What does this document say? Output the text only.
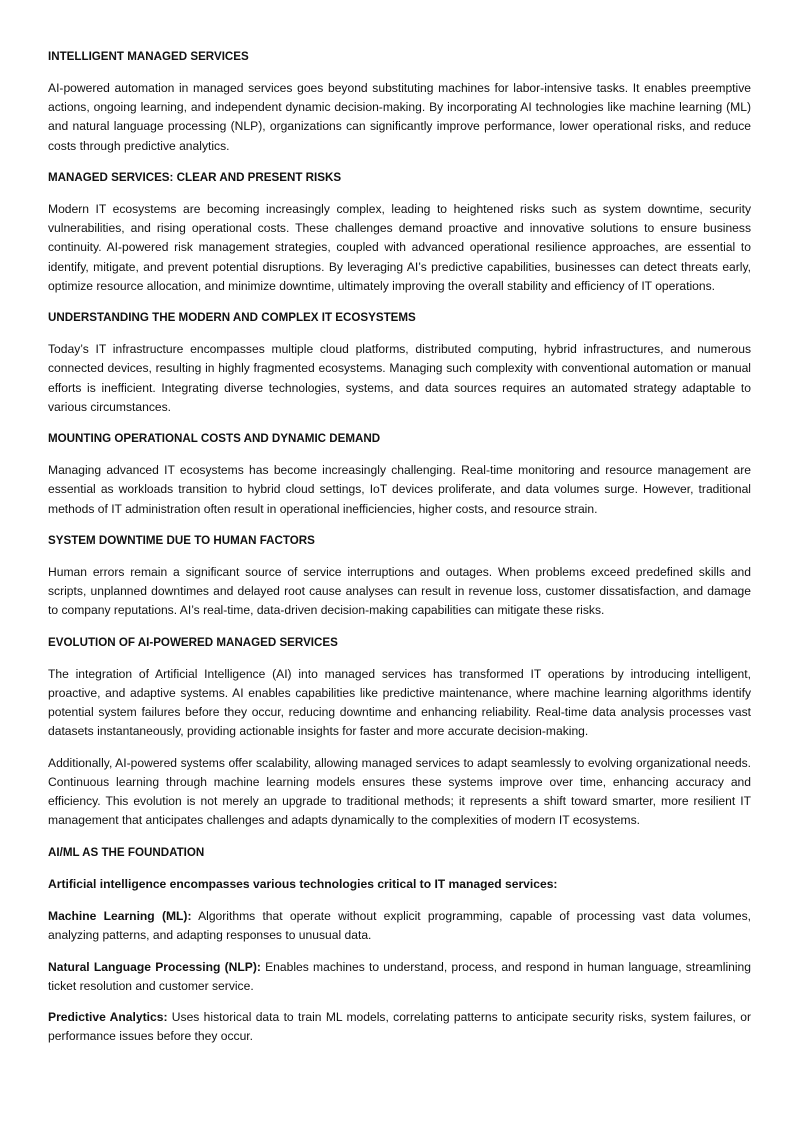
INTELLIGENT MANAGED SERVICES

AI-powered automation in managed services goes beyond substituting machines for labor-intensive tasks. It enables preemptive actions, ongoing learning, and independent dynamic decision-making. By incorporating AI technologies like machine learning (ML) and natural language processing (NLP), organizations can significantly improve performance, lower operational risks, and reduce costs through predictive analytics.

MANAGED SERVICES: CLEAR AND PRESENT RISKS

Modern IT ecosystems are becoming increasingly complex, leading to heightened risks such as system downtime, security vulnerabilities, and rising operational costs. These challenges demand proactive and innovative solutions to ensure business continuity. AI-powered risk management strategies, coupled with advanced operational resilience approaches, are essential to identify, mitigate, and prevent potential disruptions. By leveraging AI’s predictive capabilities, businesses can detect threats early, optimize resource allocation, and minimize downtime, ultimately improving the overall stability and efficiency of IT operations.

UNDERSTANDING THE MODERN AND COMPLEX IT ECOSYSTEMS

Today’s IT infrastructure encompasses multiple cloud platforms, distributed computing, hybrid infrastructures, and numerous connected devices, resulting in highly fragmented ecosystems. Managing such complexity with conventional automation or manual efforts is inefficient. Integrating diverse technologies, systems, and data sources requires an automated strategy adaptable to various circumstances.

MOUNTING OPERATIONAL COSTS AND DYNAMIC DEMAND

Managing advanced IT ecosystems has become increasingly challenging. Real-time monitoring and resource management are essential as workloads transition to hybrid cloud settings, IoT devices proliferate, and data volumes surge. However, traditional methods of IT administration often result in operational inefficiencies, higher costs, and resource strain.

SYSTEM DOWNTIME DUE TO HUMAN FACTORS

Human errors remain a significant source of service interruptions and outages. When problems exceed predefined skills and scripts, unplanned downtimes and delayed root cause analyses can result in revenue loss, customer dissatisfaction, and damage to company reputations. AI’s real-time, data-driven decision-making capabilities can mitigate these risks.

EVOLUTION OF AI-POWERED MANAGED SERVICES

The integration of Artificial Intelligence (AI) into managed services has transformed IT operations by introducing intelligent, proactive, and adaptive systems. AI enables capabilities like predictive maintenance, where machine learning algorithms identify potential system failures before they occur, reducing downtime and enhancing reliability. Real-time data analysis processes vast datasets instantaneously, providing actionable insights for faster and more accurate decision-making.

Additionally, AI-powered systems offer scalability, allowing managed services to adapt seamlessly to evolving organizational needs. Continuous learning through machine learning models ensures these systems improve over time, enhancing accuracy and efficiency. This evolution is not merely an upgrade to traditional methods; it represents a shift toward smarter, more resilient IT management that anticipates challenges and adapts dynamically to the complexities of modern IT ecosystems.

AI/ML AS THE FOUNDATION
Artificial intelligence encompasses various technologies critical to IT managed services:

Machine Learning (ML): Algorithms that operate without explicit programming, capable of processing vast data volumes, analyzing patterns, and adapting responses to unusual data.

Natural Language Processing (NLP): Enables machines to understand, process, and respond in human language, streamlining ticket resolution and customer service.

Predictive Analytics: Uses historical data to train ML models, correlating patterns to anticipate security risks, system failures, or performance issues before they occur.
